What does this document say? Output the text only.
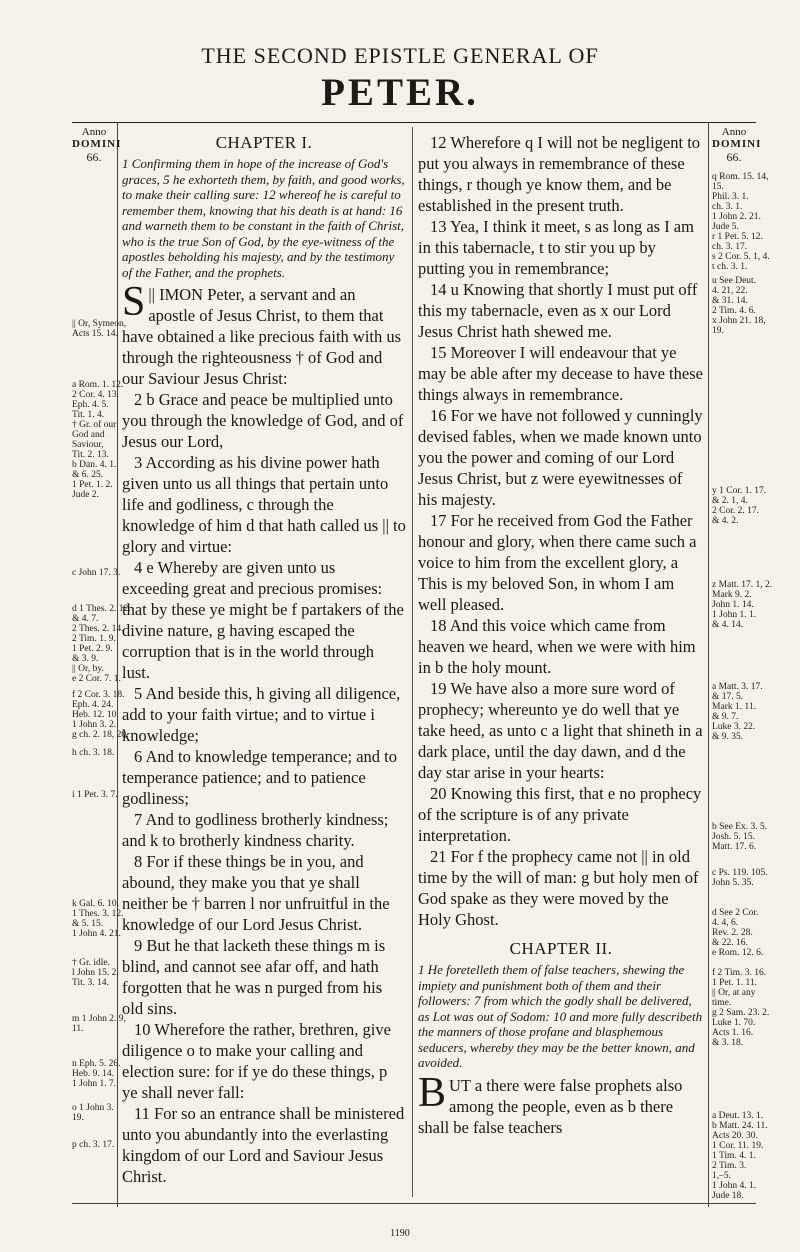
THE SECOND EPISTLE GENERAL OF
PETER.
Anno
DOMINI
66.
Anno
DOMINI
66.
|| Or, Symeon,
Acts 15. 14.
a Rom. 1. 12.
2 Cor. 4. 13.
Eph. 4. 5.
Tit. 1. 4.
† Gr. of our
God and
Saviour,
Tit. 2. 13.
b Dan. 4. 1.
& 6. 25.
1 Pet. 1. 2.
Jude 2.
c John 17. 3.
d 1 Thes. 2. 12.
& 4. 7.
2 Thes. 2. 14.
2 Tim. 1. 9.
1 Pet. 2. 9.
& 3. 9.
|| Or, by.
e 2 Cor. 7. 1.
f 2 Cor. 3. 18.
Eph. 4. 24.
Heb. 12. 10.
1 John 3. 2.
g ch. 2. 18, 20.
h ch. 3. 18.
i 1 Pet. 3. 7.
k Gal. 6. 10.
1 Thes. 3. 12.
& 5. 15.
1 John 4. 21.
† Gr. idle.
l John 15. 2.
Tit. 3. 14.
m 1 John 2. 9,
11.
n Eph. 5. 26.
Heb. 9. 14.
1 John 1. 7.
o 1 John 3.
19.
p ch. 3. 17.
q Rom. 15. 14,
15.
Phil. 3. 1.
ch. 3. 1.
1 John 2. 21.
Jude 5.
r 1 Pet. 5. 12.
ch. 3. 17.
s 2 Cor. 5. 1, 4.
t ch. 3. 1.
u See Deut.
4. 21, 22.
& 31. 14.
2 Tim. 4. 6.
x John 21. 18,
19.
y 1 Cor. 1. 17.
& 2. 1, 4.
2 Cor. 2. 17.
& 4. 2.
z Matt. 17. 1, 2.
Mark 9. 2.
John 1. 14.
1 John 1. 1.
& 4. 14.
a Matt. 3. 17.
& 17. 5.
Mark 1. 11.
& 9. 7.
Luke 3. 22.
& 9. 35.
b See Ex. 3. 5.
Josh. 5. 15.
Matt. 17. 6.
c Ps. 119. 105.
John 5. 35.
d See 2 Cor.
4. 4, 6.
Rev. 2. 28.
& 22. 16.
e Rom. 12. 6.
f 2 Tim. 3. 16.
1 Pet. 1. 11.
|| Or, at any
time.
g 2 Sam. 23. 2.
Luke 1. 70.
Acts 1. 16.
& 3. 18.
a Deut. 13. 1.
b Matt. 24. 11.
Acts 20. 30.
1 Cor. 11. 19.
1 Tim. 4. 1.
2 Tim. 3.
1,–5.
1 John 4. 1.
Jude 18.
CHAPTER I.
1 Confirming them in hope of the increase of God's graces, 5 he exhorteth them, by faith, and good works, to make their calling sure: 12 whereof he is careful to remember them, knowing that his death is at hand: 16 and warneth them to be constant in the faith of Christ, who is the true Son of God, by the eye-witness of the apostles beholding his majesty, and by the testimony of the Father, and the prophets.

S || IMON Peter, a servant and an apostle of Jesus Christ, to them that have obtained a like precious faith with us through the righteousness † of God and our Saviour Jesus Christ:

2 b Grace and peace be multiplied unto you through the knowledge of God, and of Jesus our Lord,

3 According as his divine power hath given unto us all things that pertain unto life and godliness, c through the knowledge of him d that hath called us || to glory and virtue:

4 e Whereby are given unto us exceeding great and precious promises: that by these ye might be f partakers of the divine nature, g having escaped the corruption that is in the world through lust.

5 And beside this, h giving all diligence, add to your faith virtue; and to virtue i knowledge;

6 And to knowledge temperance; and to temperance patience; and to patience godliness;

7 And to godliness brotherly kindness; and k to brotherly kindness charity.

8 For if these things be in you, and abound, they make you that ye shall neither be † barren l nor unfruitful in the knowledge of our Lord Jesus Christ.

9 But he that lacketh these things m is blind, and cannot see afar off, and hath forgotten that he was n purged from his old sins.

10 Wherefore the rather, brethren, give diligence o to make your calling and election sure: for if ye do these things, p ye shall never fall:

11 For so an entrance shall be ministered unto you abundantly into the everlasting kingdom of our Lord and Saviour Jesus Christ.

12 Wherefore q I will not be negligent to put you always in remembrance of these things, r though ye know them, and be established in the present truth.

13 Yea, I think it meet, s as long as I am in this tabernacle, t to stir you up by putting you in remembrance;

14 u Knowing that shortly I must put off this my tabernacle, even as x our Lord Jesus Christ hath shewed me.

15 Moreover I will endeavour that ye may be able after my decease to have these things always in remembrance.

16 For we have not followed y cunningly devised fables, when we made known unto you the power and coming of our Lord Jesus Christ, but z were eyewitnesses of his majesty.

17 For he received from God the Father honour and glory, when there came such a voice to him from the excellent glory, a This is my beloved Son, in whom I am well pleased.

18 And this voice which came from heaven we heard, when we were with him in b the holy mount.

19 We have also a more sure word of prophecy; whereunto ye do well that ye take heed, as unto c a light that shineth in a dark place, until the day dawn, and d the day star arise in your hearts:

20 Knowing this first, that e no prophecy of the scripture is of any private interpretation.

21 For f the prophecy came not || in old time by the will of man: g but holy men of God spake as they were moved by the Holy Ghost.

CHAPTER II.
1 He foretelleth them of false teachers, shewing the impiety and punishment both of them and their followers: 7 from which the godly shall be delivered, as Lot was out of Sodom: 10 and more fully describeth the manners of those profane and blasphemous seducers, whereby they may be the better known, and avoided.

BUT a there were false prophets also among the people, even as b there shall be false teachers

1190
